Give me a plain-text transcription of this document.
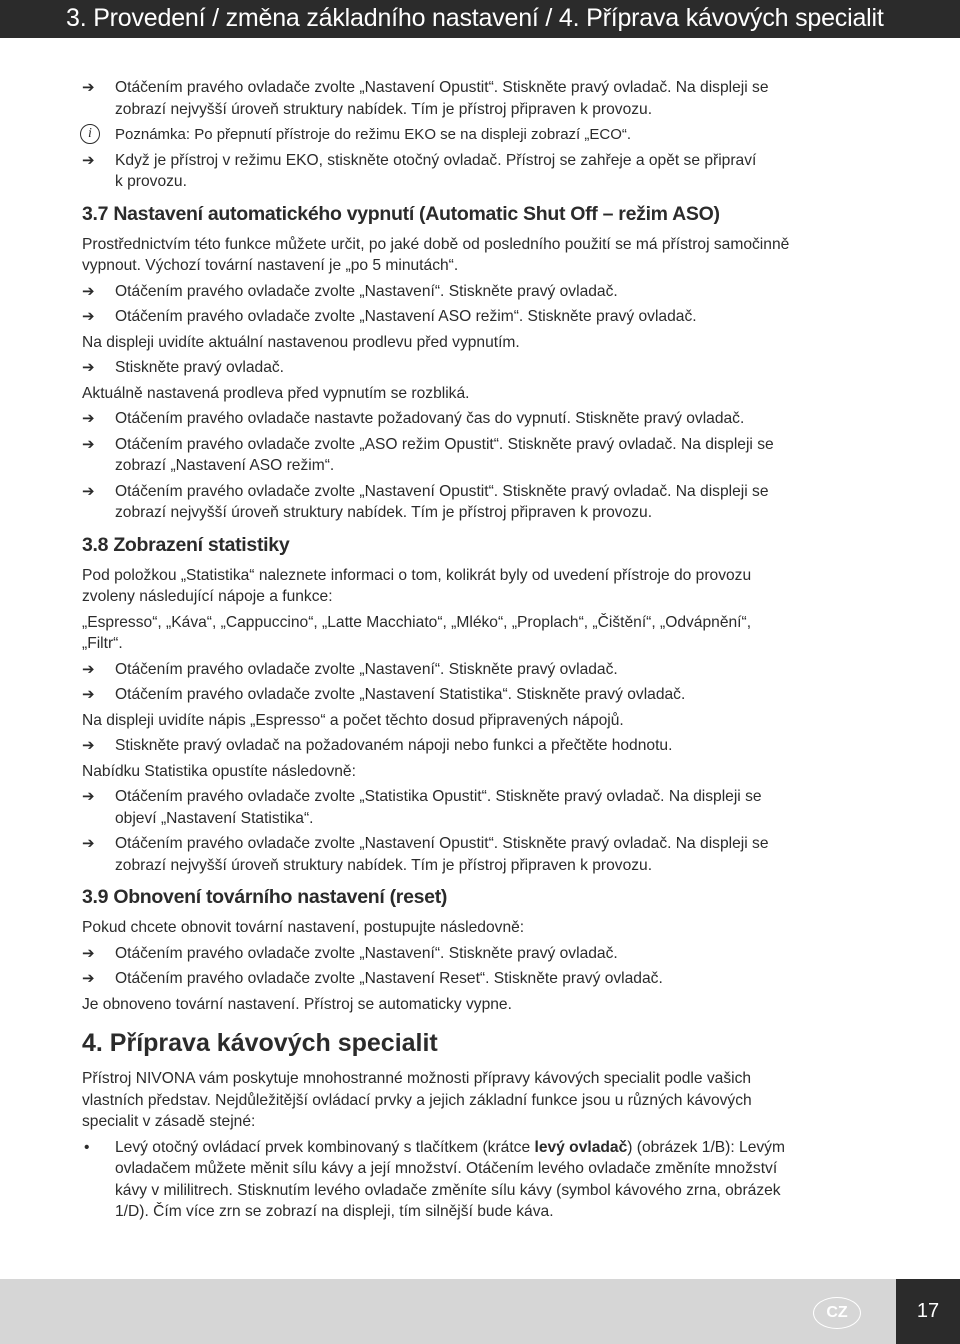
3. Provedení / změna základního nastavení / 4. Příprava kávových specialit
➔ Otáčením pravého ovladače zvolte „Nastavení Opustit“. Stiskněte pravý ovladač. Na displeji se
zobrazí nejvyšší úroveň struktury nabídek. Tím je přístroj připraven k provozu.
i	Poznámka: Po přepnutí přístroje do režimu EKO se na displeji zobrazí „ECO“.
➔ Když je přístroj v režimu EKO, stiskněte otočný ovladač. Přístroj se zahřeje a opět se připraví
k provozu.
3.7 Nastavení automatického vypnutí (Automatic Shut Off – režim ASO)
Prostřednictvím této funkce můžete určit, po jaké době od posledního použití se má přístroj samočinně
vypnout. Výchozí tovární nastavení je „po 5 minutách“.
➔ Otáčením pravého ovladače zvolte „Nastavení“. Stiskněte pravý ovladač.
➔ Otáčením pravého ovladače zvolte „Nastavení ASO režim“. Stiskněte pravý ovladač.
Na displeji uvidíte aktuální nastavenou prodlevu před vypnutím.
➔ Stiskněte pravý ovladač.
Aktuálně nastavená prodleva před vypnutím se rozbliká.
➔ Otáčením pravého ovladače nastavte požadovaný čas do vypnutí. Stiskněte pravý ovladač.
➔ Otáčením pravého ovladače zvolte „ASO režim Opustit“. Stiskněte pravý ovladač. Na displeji se
zobrazí „Nastavení ASO režim“.
➔ Otáčením pravého ovladače zvolte „Nastavení Opustit“. Stiskněte pravý ovladač. Na displeji se
zobrazí nejvyšší úroveň struktury nabídek. Tím je přístroj připraven k provozu.
3.8 Zobrazení statistiky
Pod položkou „Statistika“ naleznete informaci o tom, kolikrát byly od uvedení přístroje do provozu
zvoleny následující nápoje a funkce:
„Espresso“, „Káva“, „Cappuccino“, „Latte Macchiato“, „Mléko“, „Proplach“, „Čištění“, „Odvápnění“,
„Filtr“.
➔ Otáčením pravého ovladače zvolte „Nastavení“. Stiskněte pravý ovladač.
➔ Otáčením pravého ovladače zvolte „Nastavení Statistika“. Stiskněte pravý ovladač.
Na displeji uvidíte nápis „Espresso“ a počet těchto dosud připravených nápojů.
➔ Stiskněte pravý ovladač na požadovaném nápoji nebo funkci a přečtěte hodnotu.
Nabídku Statistika opustíte následovně:
➔ Otáčením pravého ovladače zvolte „Statistika Opustit“. Stiskněte pravý ovladač. Na displeji se
objeví „Nastavení Statistika“.
➔ Otáčením pravého ovladače zvolte „Nastavení Opustit“. Stiskněte pravý ovladač. Na displeji se
zobrazí nejvyšší úroveň struktury nabídek. Tím je přístroj připraven k provozu.
3.9 Obnovení továrního nastavení (reset)
Pokud chcete obnovit tovární nastavení, postupujte následovně:
➔ Otáčením pravého ovladače zvolte „Nastavení“. Stiskněte pravý ovladač.
➔ Otáčením pravého ovladače zvolte „Nastavení Reset“. Stiskněte pravý ovladač.
Je obnoveno tovární nastavení. Přístroj se automaticky vypne.
4. Příprava kávových specialit
Přístroj NIVONA vám poskytuje mnohostranné možnosti přípravy kávových specialit podle vašich
vlastních představ. Nejdůležitější ovládací prvky a jejich základní funkce jsou u různých kávových
specialit v zásadě stejné:
• Levý otočný ovládací prvek kombinovaný s tlačítkem (krátce levý ovladač) (obrázek 1/B): Levým
ovladačem můžete měnit sílu kávy a její množství. Otáčením levého ovladače změníte množství
kávy v mililitrech. Stisknutím levého ovladače změníte sílu kávy (symbol kávového zrna, obrázek
1/D). Čím více zrn se zobrazí na displeji, tím silnější bude káva.
CZ	17
